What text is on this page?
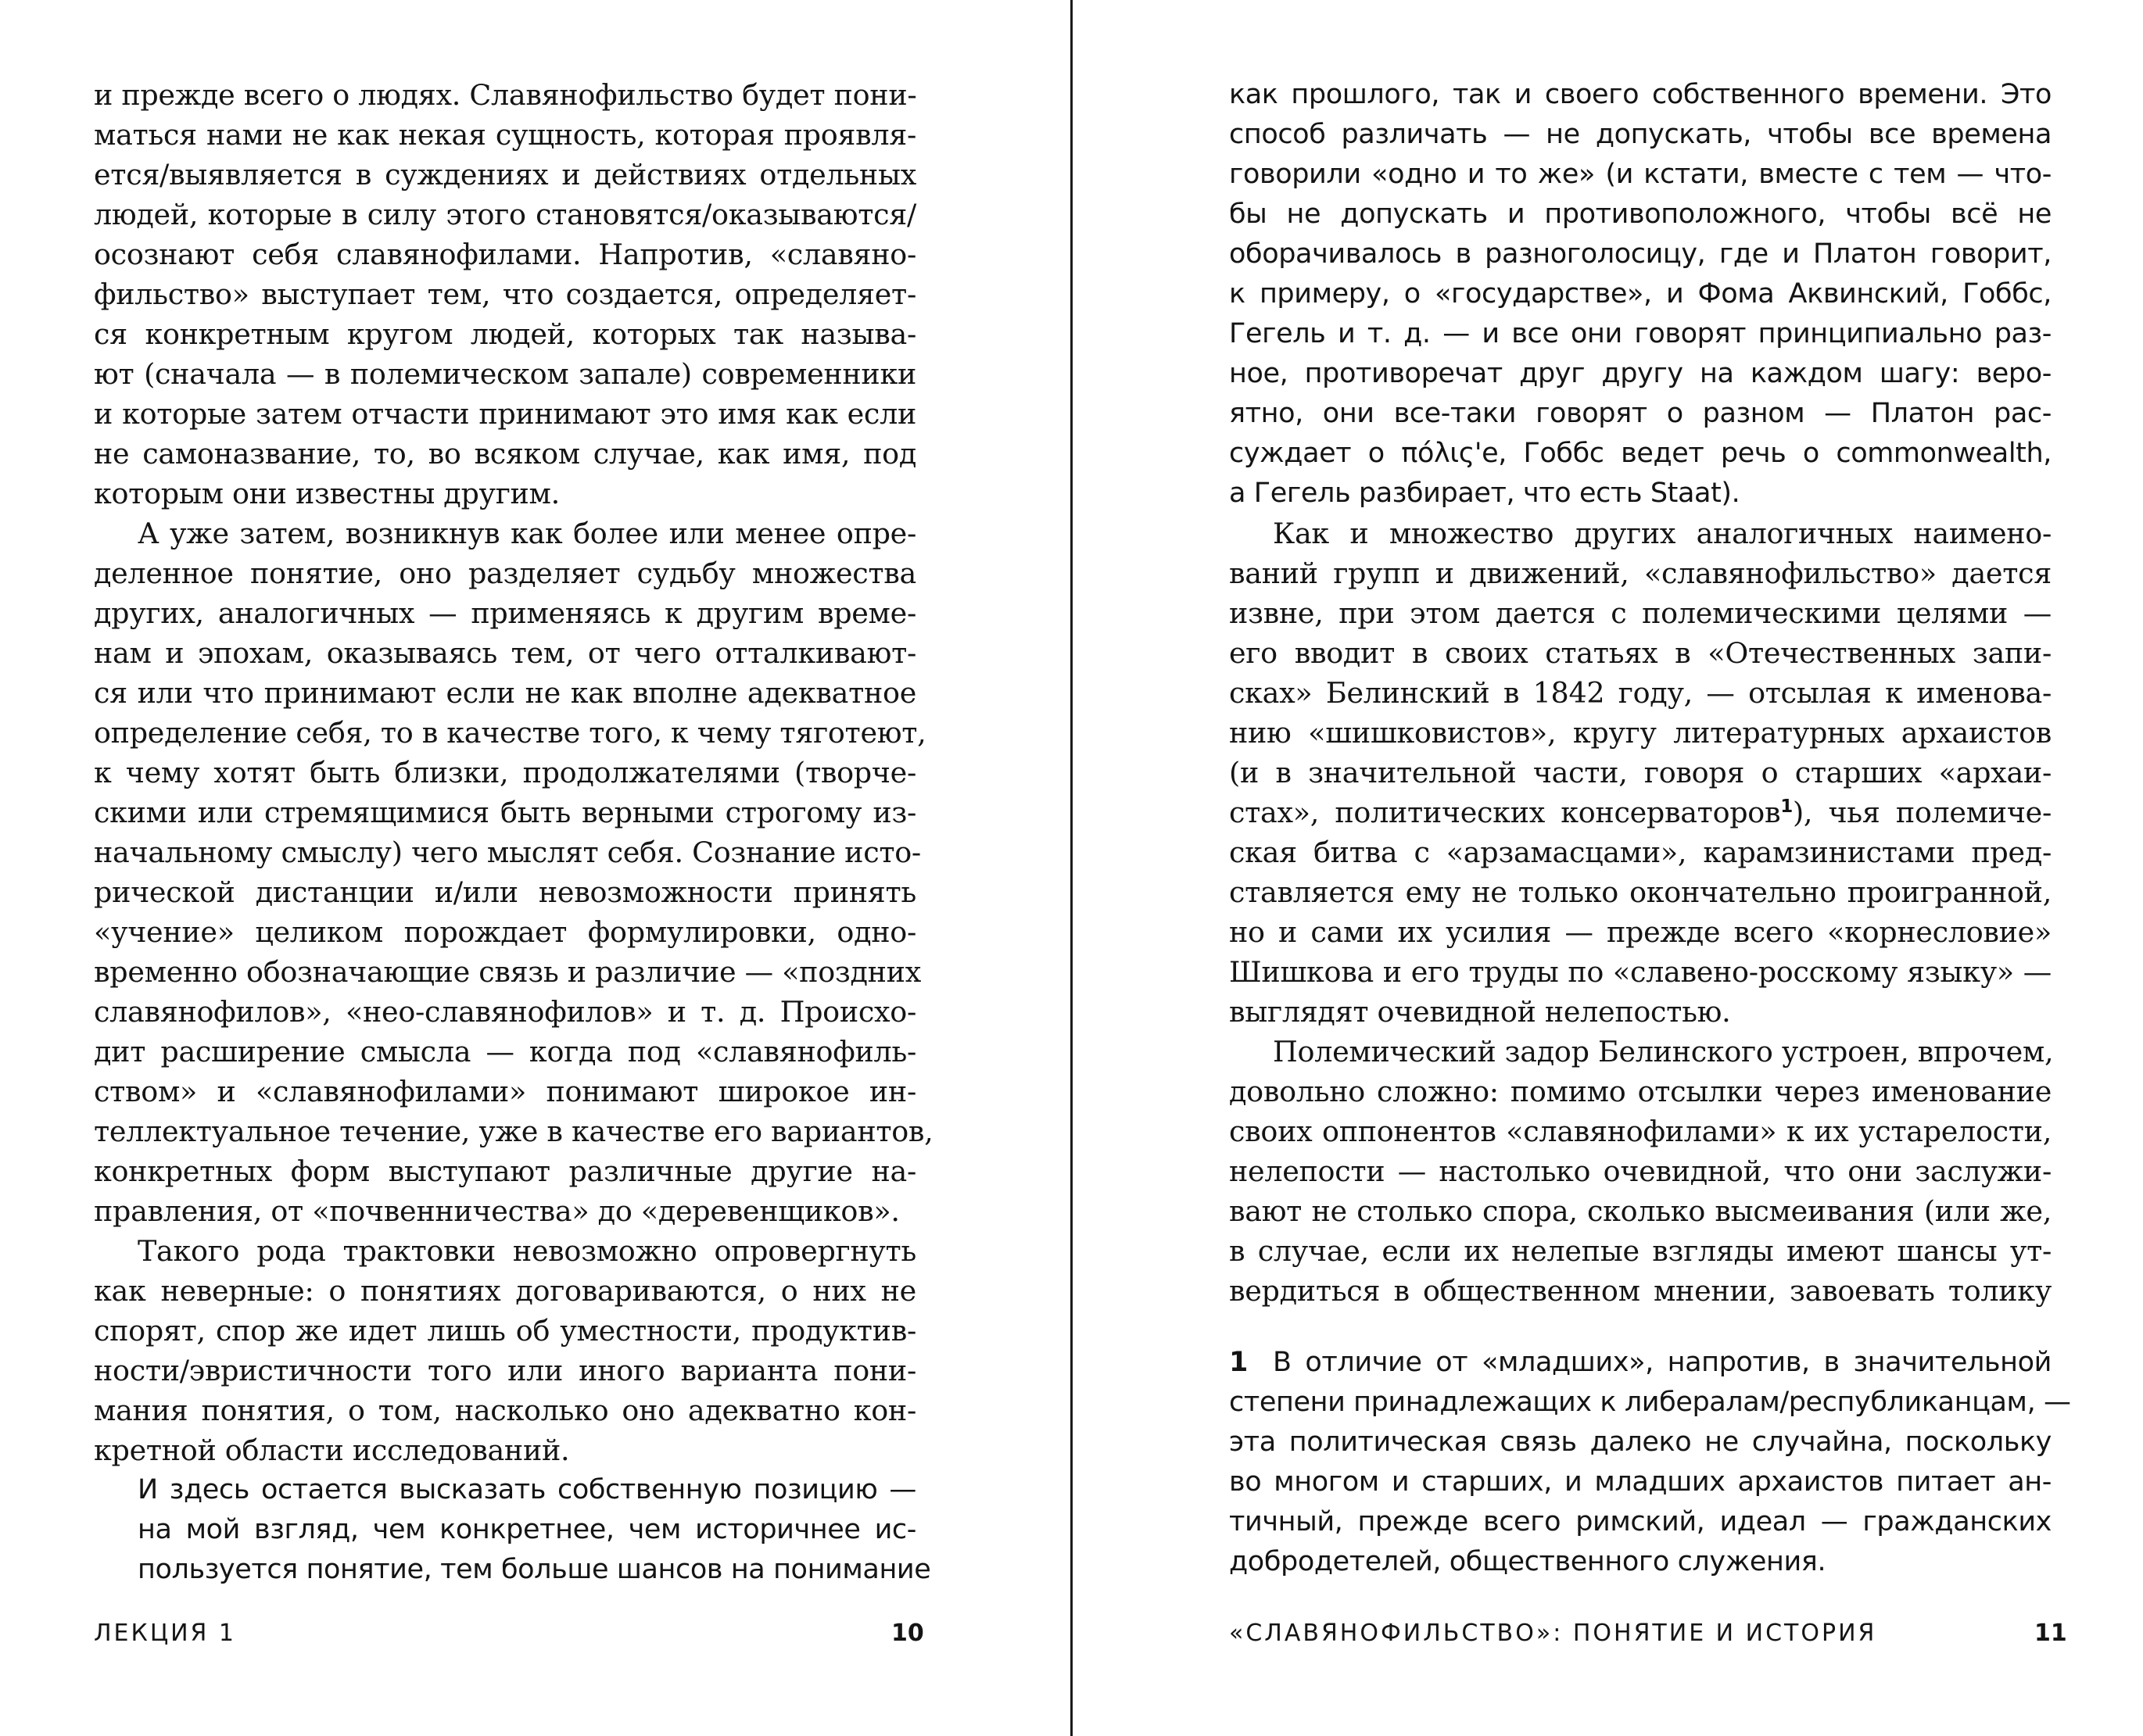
и прежде всего о людях. Славянофильство будет пони-
маться нами не как некая сущность, которая проявля-
ется/выявляется в суждениях и действиях отдельных
людей, которые в силу этого становятся/оказываются/
осознают себя славянофилами. Напротив, «славяно-
фильство» выступает тем, что создается, определяет-
ся конкретным кругом людей, которых так называ-
ют (сначала — в полемическом запале) современники
и которые затем отчасти принимают это имя как если
не самоназвание, то, во всяком случае, как имя, под
которым они известны другим.
А уже затем, возникнув как более или менее опре-
деленное понятие, оно разделяет судьбу множества
других, аналогичных — применяясь к другим време-
нам и эпохам, оказываясь тем, от чего отталкивают-
ся или что принимают если не как вполне адекватное
определение себя, то в качестве того, к чему тяготеют,
к чему хотят быть близки, продолжателями (творче-
скими или стремящимися быть верными строгому из-
начальному смыслу) чего мыслят себя. Сознание исто-
рической дистанции и/или невозможности принять
«учение» целиком порождает формулировки, одно-
временно обозначающие связь и различие — «поздних
славянофилов», «нео-славянофилов» и т. д. Происхо-
дит расширение смысла — когда под «славянофиль-
ством» и «славянофилами» понимают широкое ин-
теллектуальное течение, уже в качестве его вариантов,
конкретных форм выступают различные другие на-
правления, от «почвенничества» до «деревенщиков».
Такого рода трактовки невозможно опровергнуть
как неверные: о понятиях договариваются, о них не
спорят, спор же идет лишь об уместности, продуктив-
ности/эвристичности того или иного варианта пони-
мания понятия, о том, насколько оно адекватно кон-
кретной области исследований.
И здесь остается высказать собственную позицию —
на мой взгляд, чем конкретнее, чем историчнее ис-
пользуется понятие, тем больше шансов на понимание
ЛЕКЦИЯ 1	10
как прошлого, так и своего собственного времени. Это
способ различать — не допускать, чтобы все времена
говорили «одно и то же» (и кстати, вместе с тем — что-
бы не допускать и противоположного, чтобы всё не
оборачивалось в разноголосицу, где и Платон говорит,
к примеру, о «государстве», и Фома Аквинский, Гоббс,
Гегель и т. д. — и все они говорят принципиально раз-
ное, противоречат друг другу на каждом шагу: веро-
ятно, они все-таки говорят о разном — Платон рас-
суждает о πόλις'е, Гоббс ведет речь о commonwealth,
а Гегель разбирает, что есть Staat).
Как и множество других аналогичных наимено-
ваний групп и движений, «славянофильство» дается
извне, при этом дается с полемическими целями —
его вводит в своих статьях в «Отечественных запи-
сках» Белинский в 1842 году, — отсылая к именова-
нию «шишковистов», кругу литературных архаистов
(и в значительной части, говоря о старших «архаи-
стах», политических консерваторов$^1$), чья полемиче-
ская битва с «арзамасцами», карамзинистами пред-
ставляется ему не только окончательно проигранной,
но и сами их усилия — прежде всего «корнесловие»
Шишкова и его труды по «славено-росскому языку» —
выглядят очевидной нелепостью.
Полемический задор Белинского устроен, впрочем,
довольно сложно: помимо отсылки через именование
своих оппонентов «славянофилами» к их устарелости,
нелепости — настолько очевидной, что они заслужи-
вают не столько спора, сколько высмеивания (или же,
в случае, если их нелепые взгляды имеют шансы ут-
вердиться в общественном мнении, завоевать толику
1 В отличие от «младших», напротив, в значительной
степени принадлежащих к либералам/республиканцам, —
эта политическая связь далеко не случайна, поскольку
во многом и старших, и младших архаистов питает ан-
тичный, прежде всего римский, идеал — гражданских
добродетелей, общественного служения.
«СЛАВЯНОФИЛЬСТВО»: ПОНЯТИЕ И ИСТОРИЯ	11
